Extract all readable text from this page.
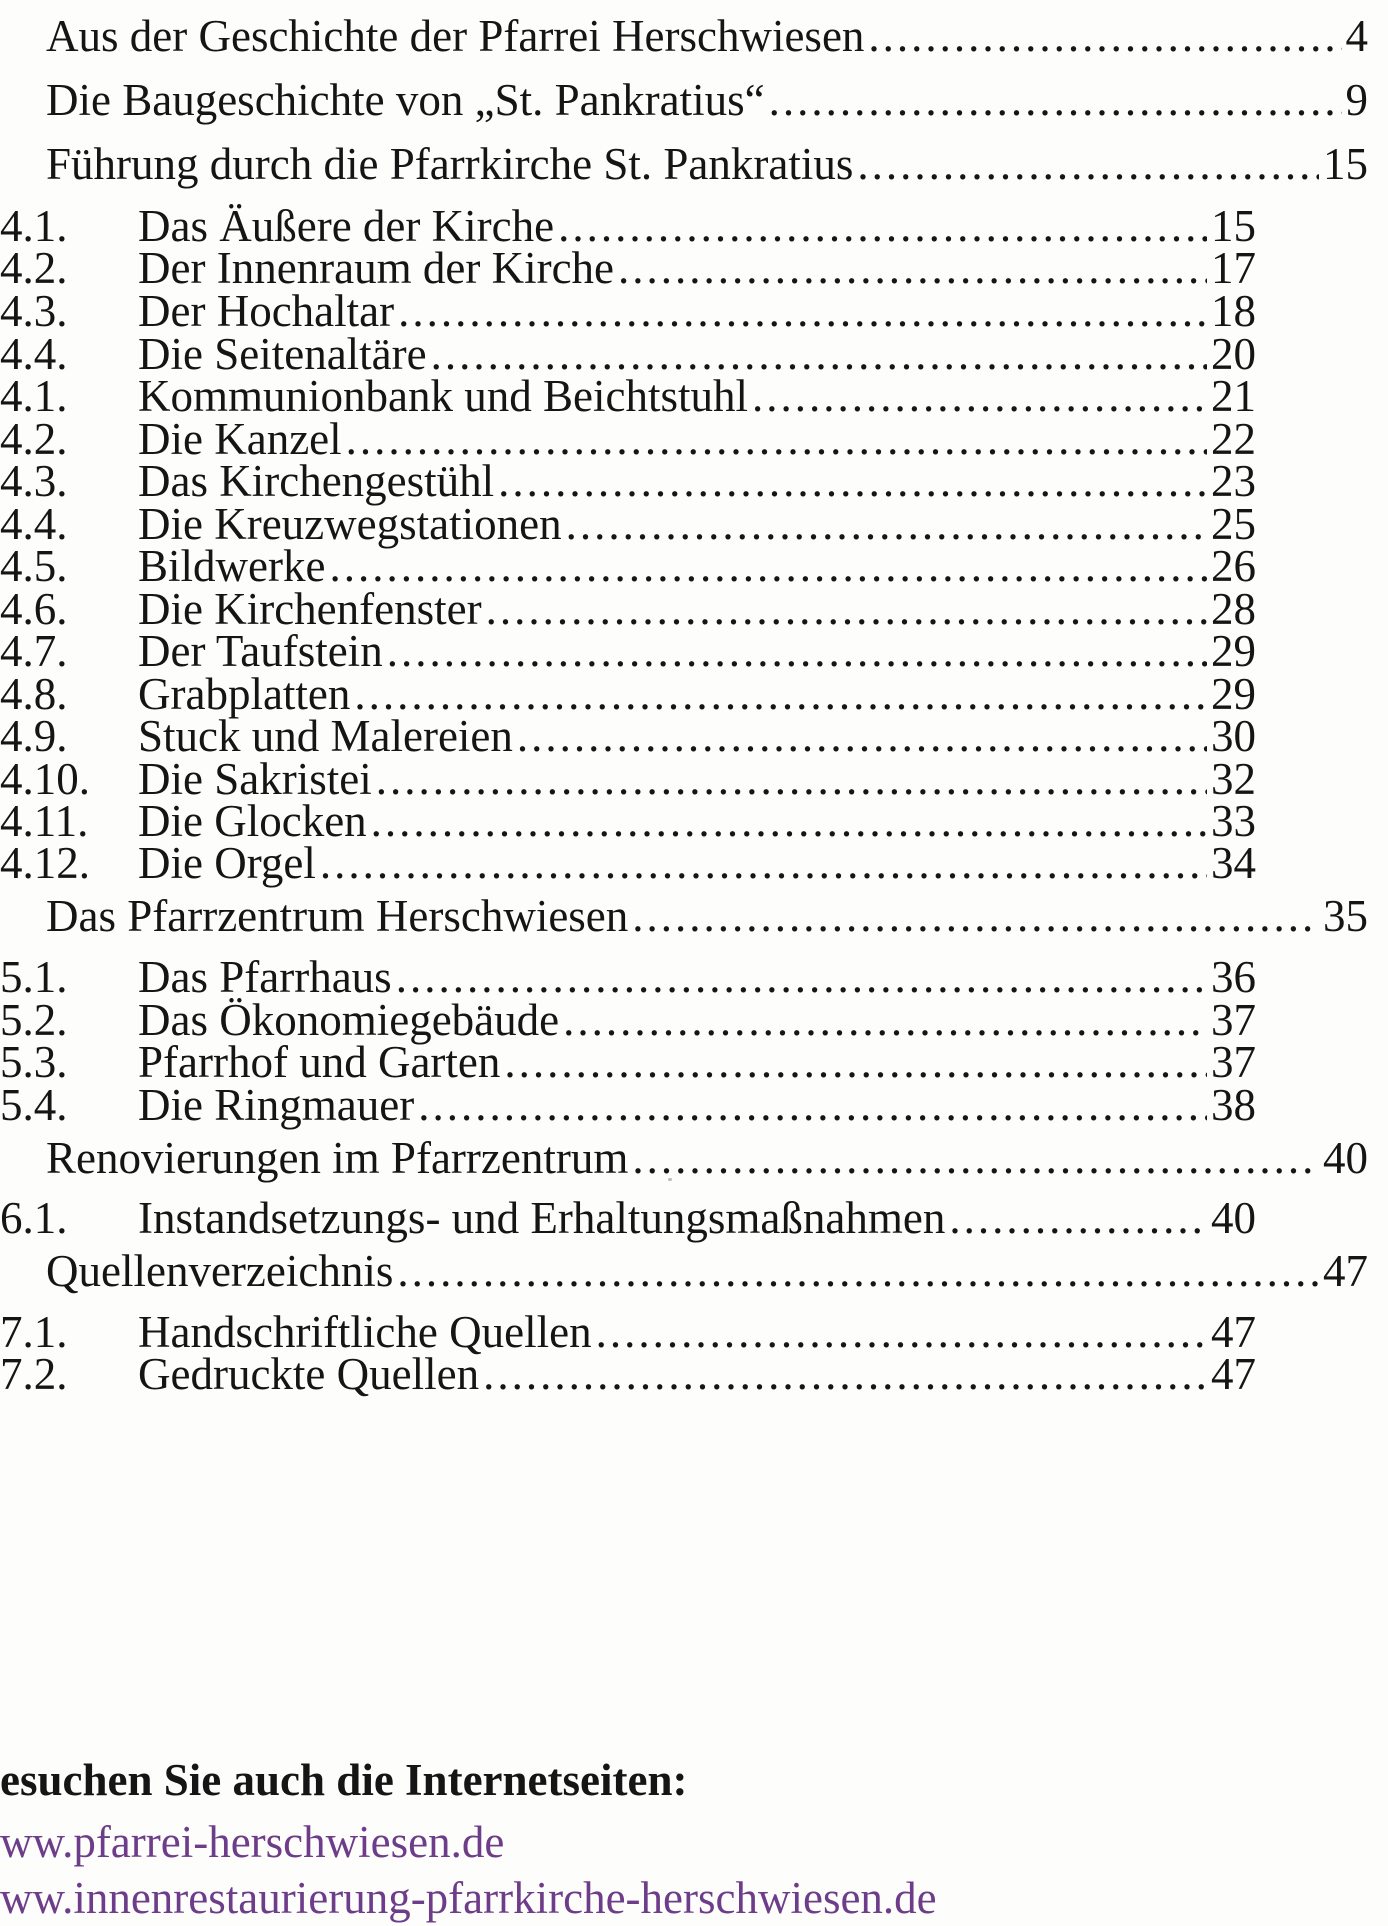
Aus der Geschichte der Pfarrei Herschwiesen .....	4
Die Baugeschichte von „St. Pankratius“ .....	9
Führung durch die Pfarrkirche St. Pankratius .....	15
4.1.	Das Äußere der Kirche .....	15
4.2.	Der Innenraum der Kirche .....	17
4.3.	Der Hochaltar .....	18
4.4.	Die Seitenaltäre .....	20
4.1.	Kommunionbank und Beichtstuhl .....	21
4.2.	Die Kanzel .....	22
4.3.	Das Kirchengestühl .....	23
4.4.	Die Kreuzwegstationen .....	25
4.5.	Bildwerke .....	26
4.6.	Die Kirchenfenster .....	28
4.7.	Der Taufstein .....	29
4.8.	Grabplatten .....	29
4.9.	Stuck und Malereien .....	30
4.10.	Die Sakristei .....	32
4.11.	Die Glocken .....	33
4.12.	Die Orgel .....	34
Das Pfarrzentrum Herschwiesen .....	35
5.1.	Das Pfarrhaus .....	36
5.2.	Das Ökonomiegebäude .....	37
5.3.	Pfarrhof und Garten .....	37
5.4.	Die Ringmauer .....	38
Renovierungen im Pfarrzentrum .....	40
6.1.	Instandsetzungs- und Erhaltungsmaßnahmen .....	40
Quellenverzeichnis .....	47
7.1.	Handschriftliche Quellen .....	47
7.2.	Gedruckte Quellen .....	47
esuchen Sie auch die Internetseiten:
ww.pfarrei-herschwiesen.de
ww.innenrestaurierung-pfarrkirche-herschwiesen.de
